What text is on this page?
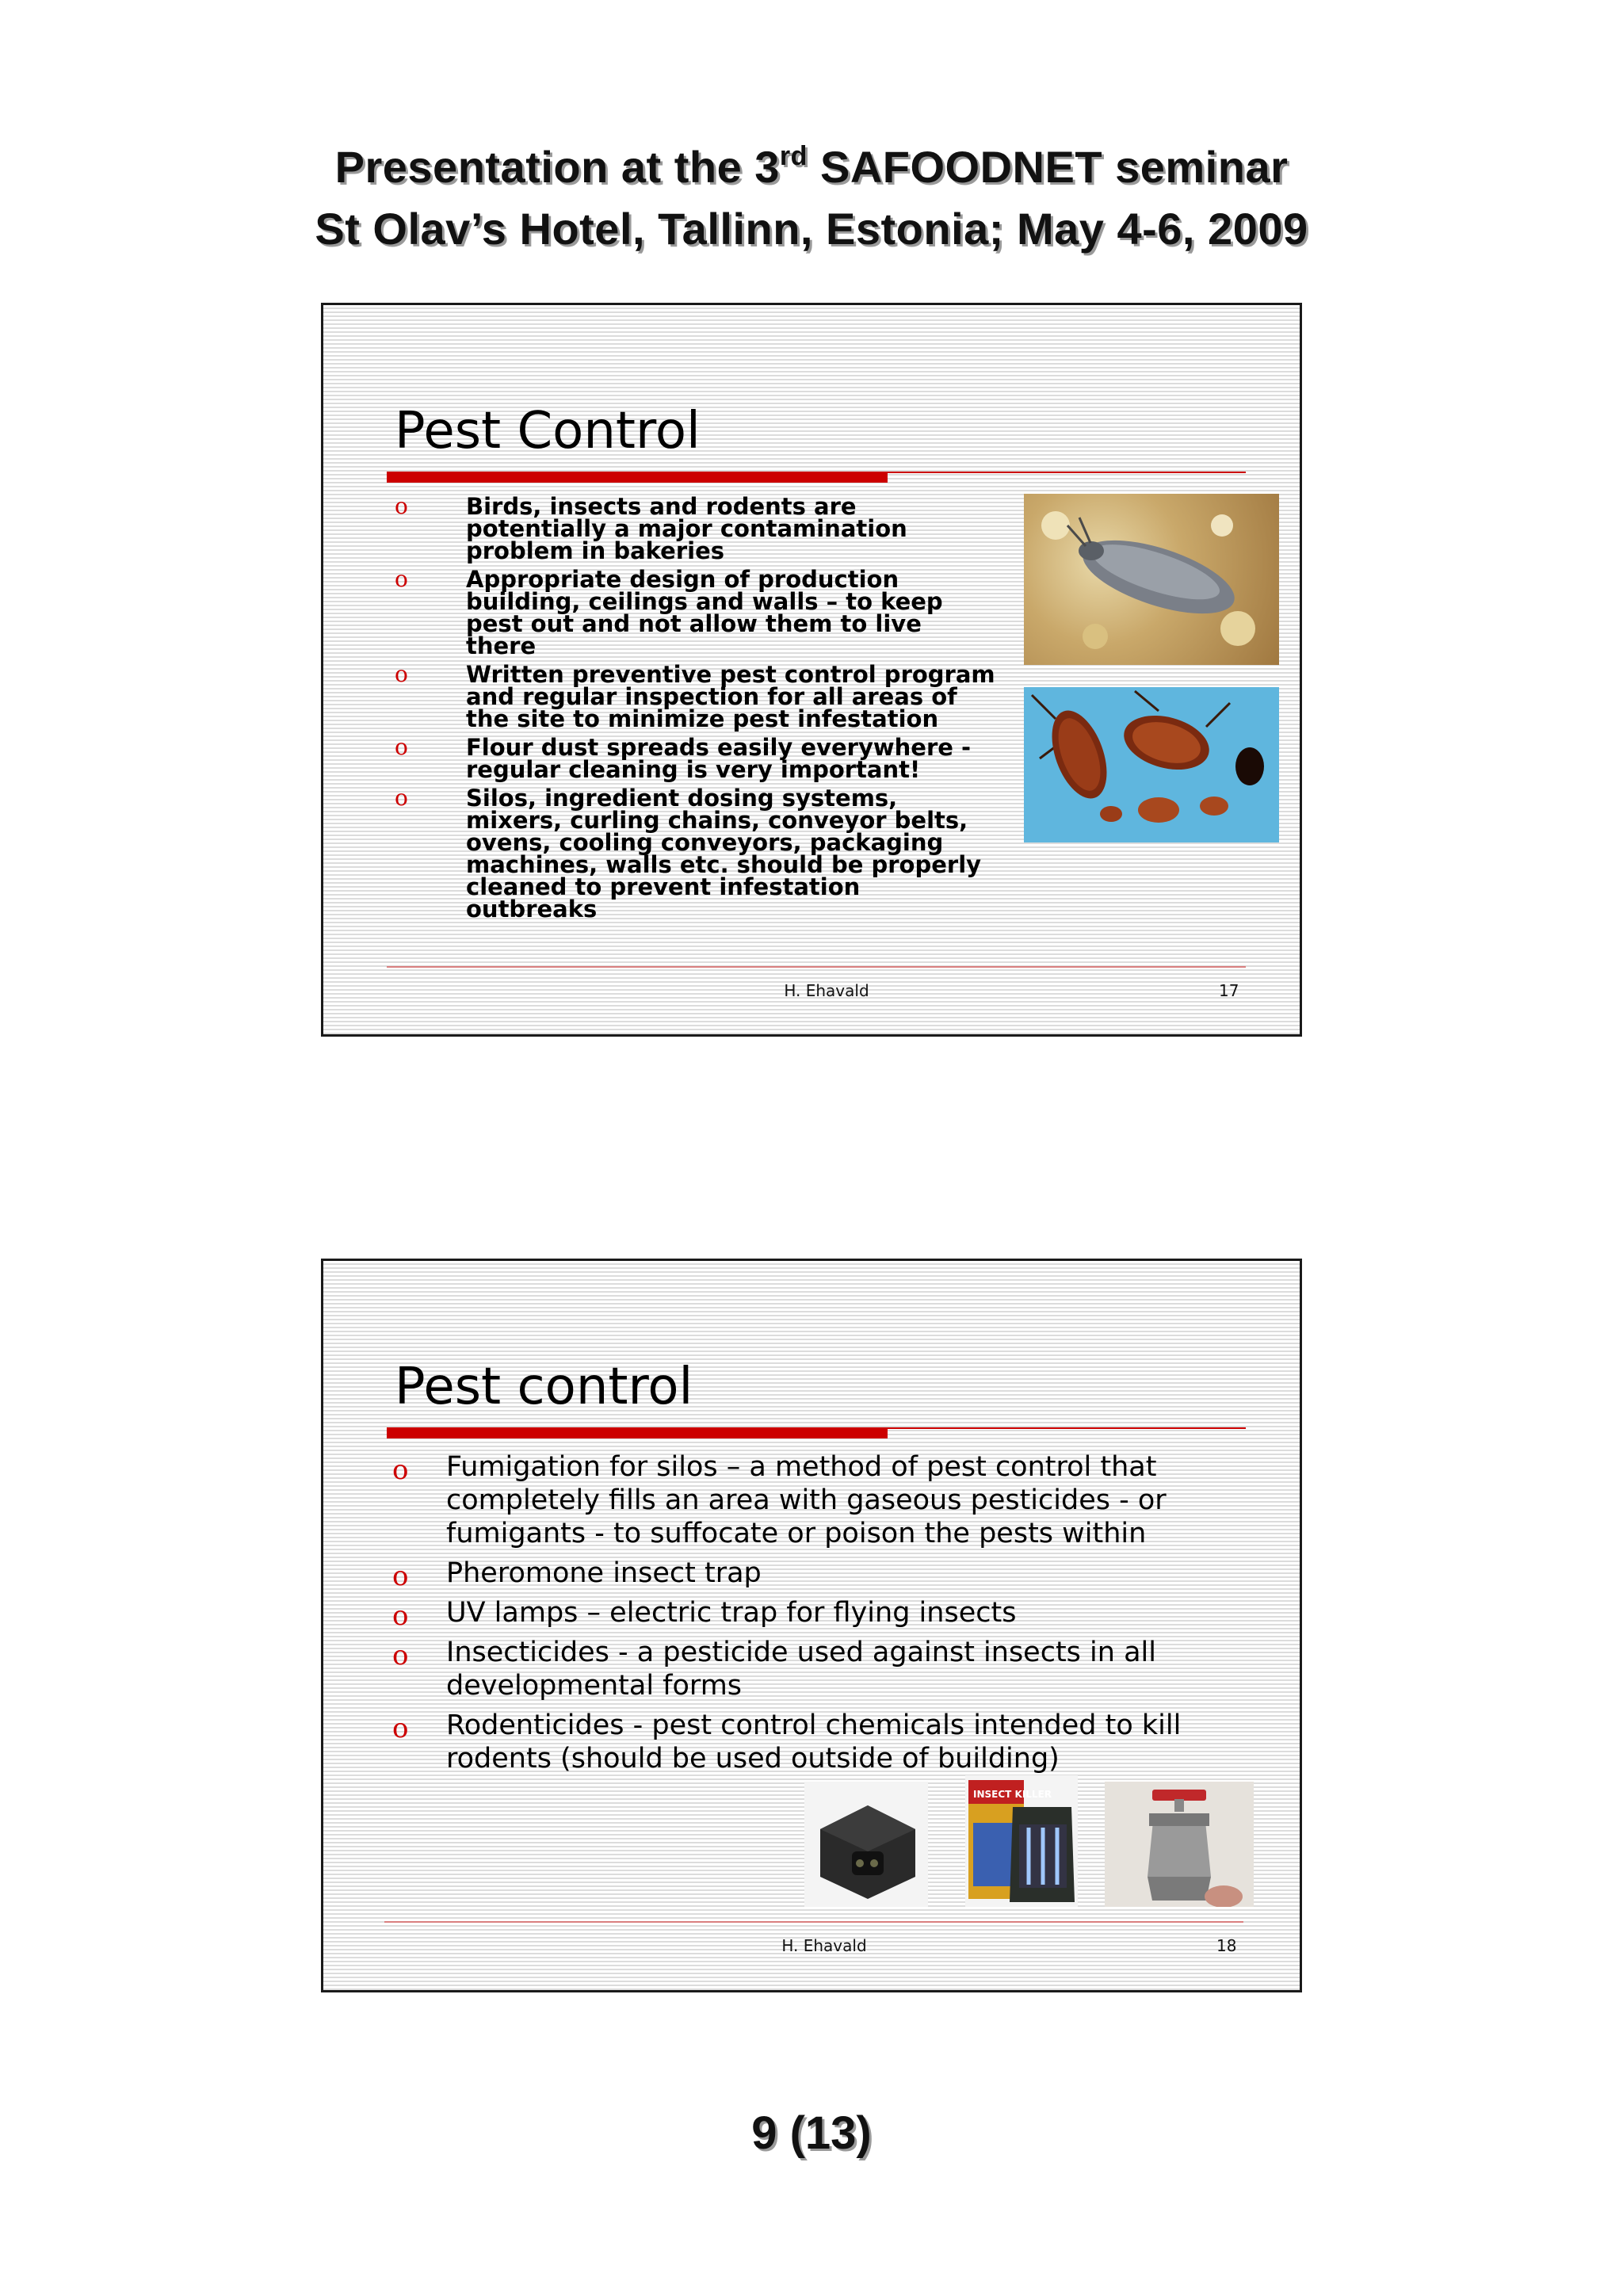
Presentation at the 3rd SAFOODNET seminar
St Olav’s Hotel, Tallinn, Estonia; May 4-6, 2009
Pest Control
o	Birds, insects and rodents are potentially a major contamination problem in bakeries
o	Appropriate design of production building, ceilings and walls – to keep pest out and not allow them to live there
o	Written preventive pest control program and regular inspection for all areas of the site to minimize pest infestation
o	Flour dust spreads easily everywhere - regular cleaning is very important!
o	Silos, ingredient dosing systems, mixers, curling chains, conveyor belts, ovens, cooling conveyors, packaging machines, walls etc. should be properly cleaned to prevent infestation outbreaks
H. Ehavald	17
Pest control
o Fumigation for silos – a method of pest control that completely fills an area with gaseous pesticides - or fumigants - to suffocate or poison the pests within
o Pheromone insect trap
o UV lamps – electric trap for flying insects
o Insecticides - a pesticide used against insects in all developmental forms
o Rodenticides - pest control chemicals intended to kill rodents (should be used outside of building)
INSECT KILLER
H. Ehavald	18
9 (13)
